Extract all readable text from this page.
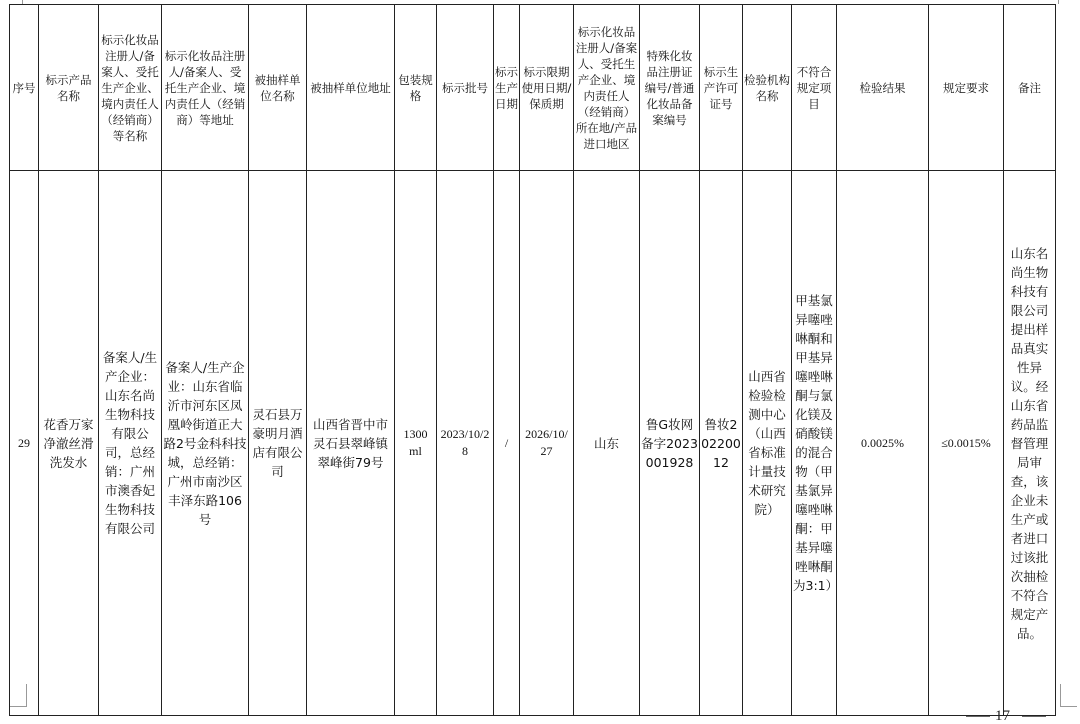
序号	标示产品名称	标示化妆品注册人/备案人、受托生产企业、境内责任人（经销商）等名称	标示化妆品注册人/备案人、受托生产企业、境内责任人（经销商）等地址	被抽样单位名称	被抽样单位地址	包装规格	标示批号	标示生产日期	标示限期使用日期/保质期	标示化妆品注册人/备案人、受托生产企业、境内责任人（经销商）所在地/产品进口地区	特殊化妆品注册证编号/普通化妆品备案编号	标示生产许可证号	检验机构名称	不符合规定项目	检验结果	规定要求	备注
29	花香万家净澈丝滑洗发水	备案人/生产企业：山东名尚生物科技有限公司，总经销：广州市澳香妃生物科技有限公司	备案人/生产企业：山东省临沂市河东区凤凰岭街道正大路2号金科科技城，总经销：广州市南沙区丰泽东路106号	灵石县万豪明月酒店有限公司	山西省晋中市灵石县翠峰镇翠峰街79号	1300ml	2023/10/28	/	2026/10/27	山东	鲁G妆网备字2023001928	鲁妆20220012	山西省检验检测中心（山西省标准计量技术研究院）	甲基氯异噻唑啉酮和甲基异噻唑啉酮与氯化镁及硝酸镁的混合物（甲基氯异噻唑啉酮：甲基异噻唑啉酮为3:1）	0.0025%	≤0.0015%	山东名尚生物科技有限公司提出样品真实性异议。经山东省药品监督管理局审查，该企业未生产或者进口过该批次抽检不符合规定产品。
17
